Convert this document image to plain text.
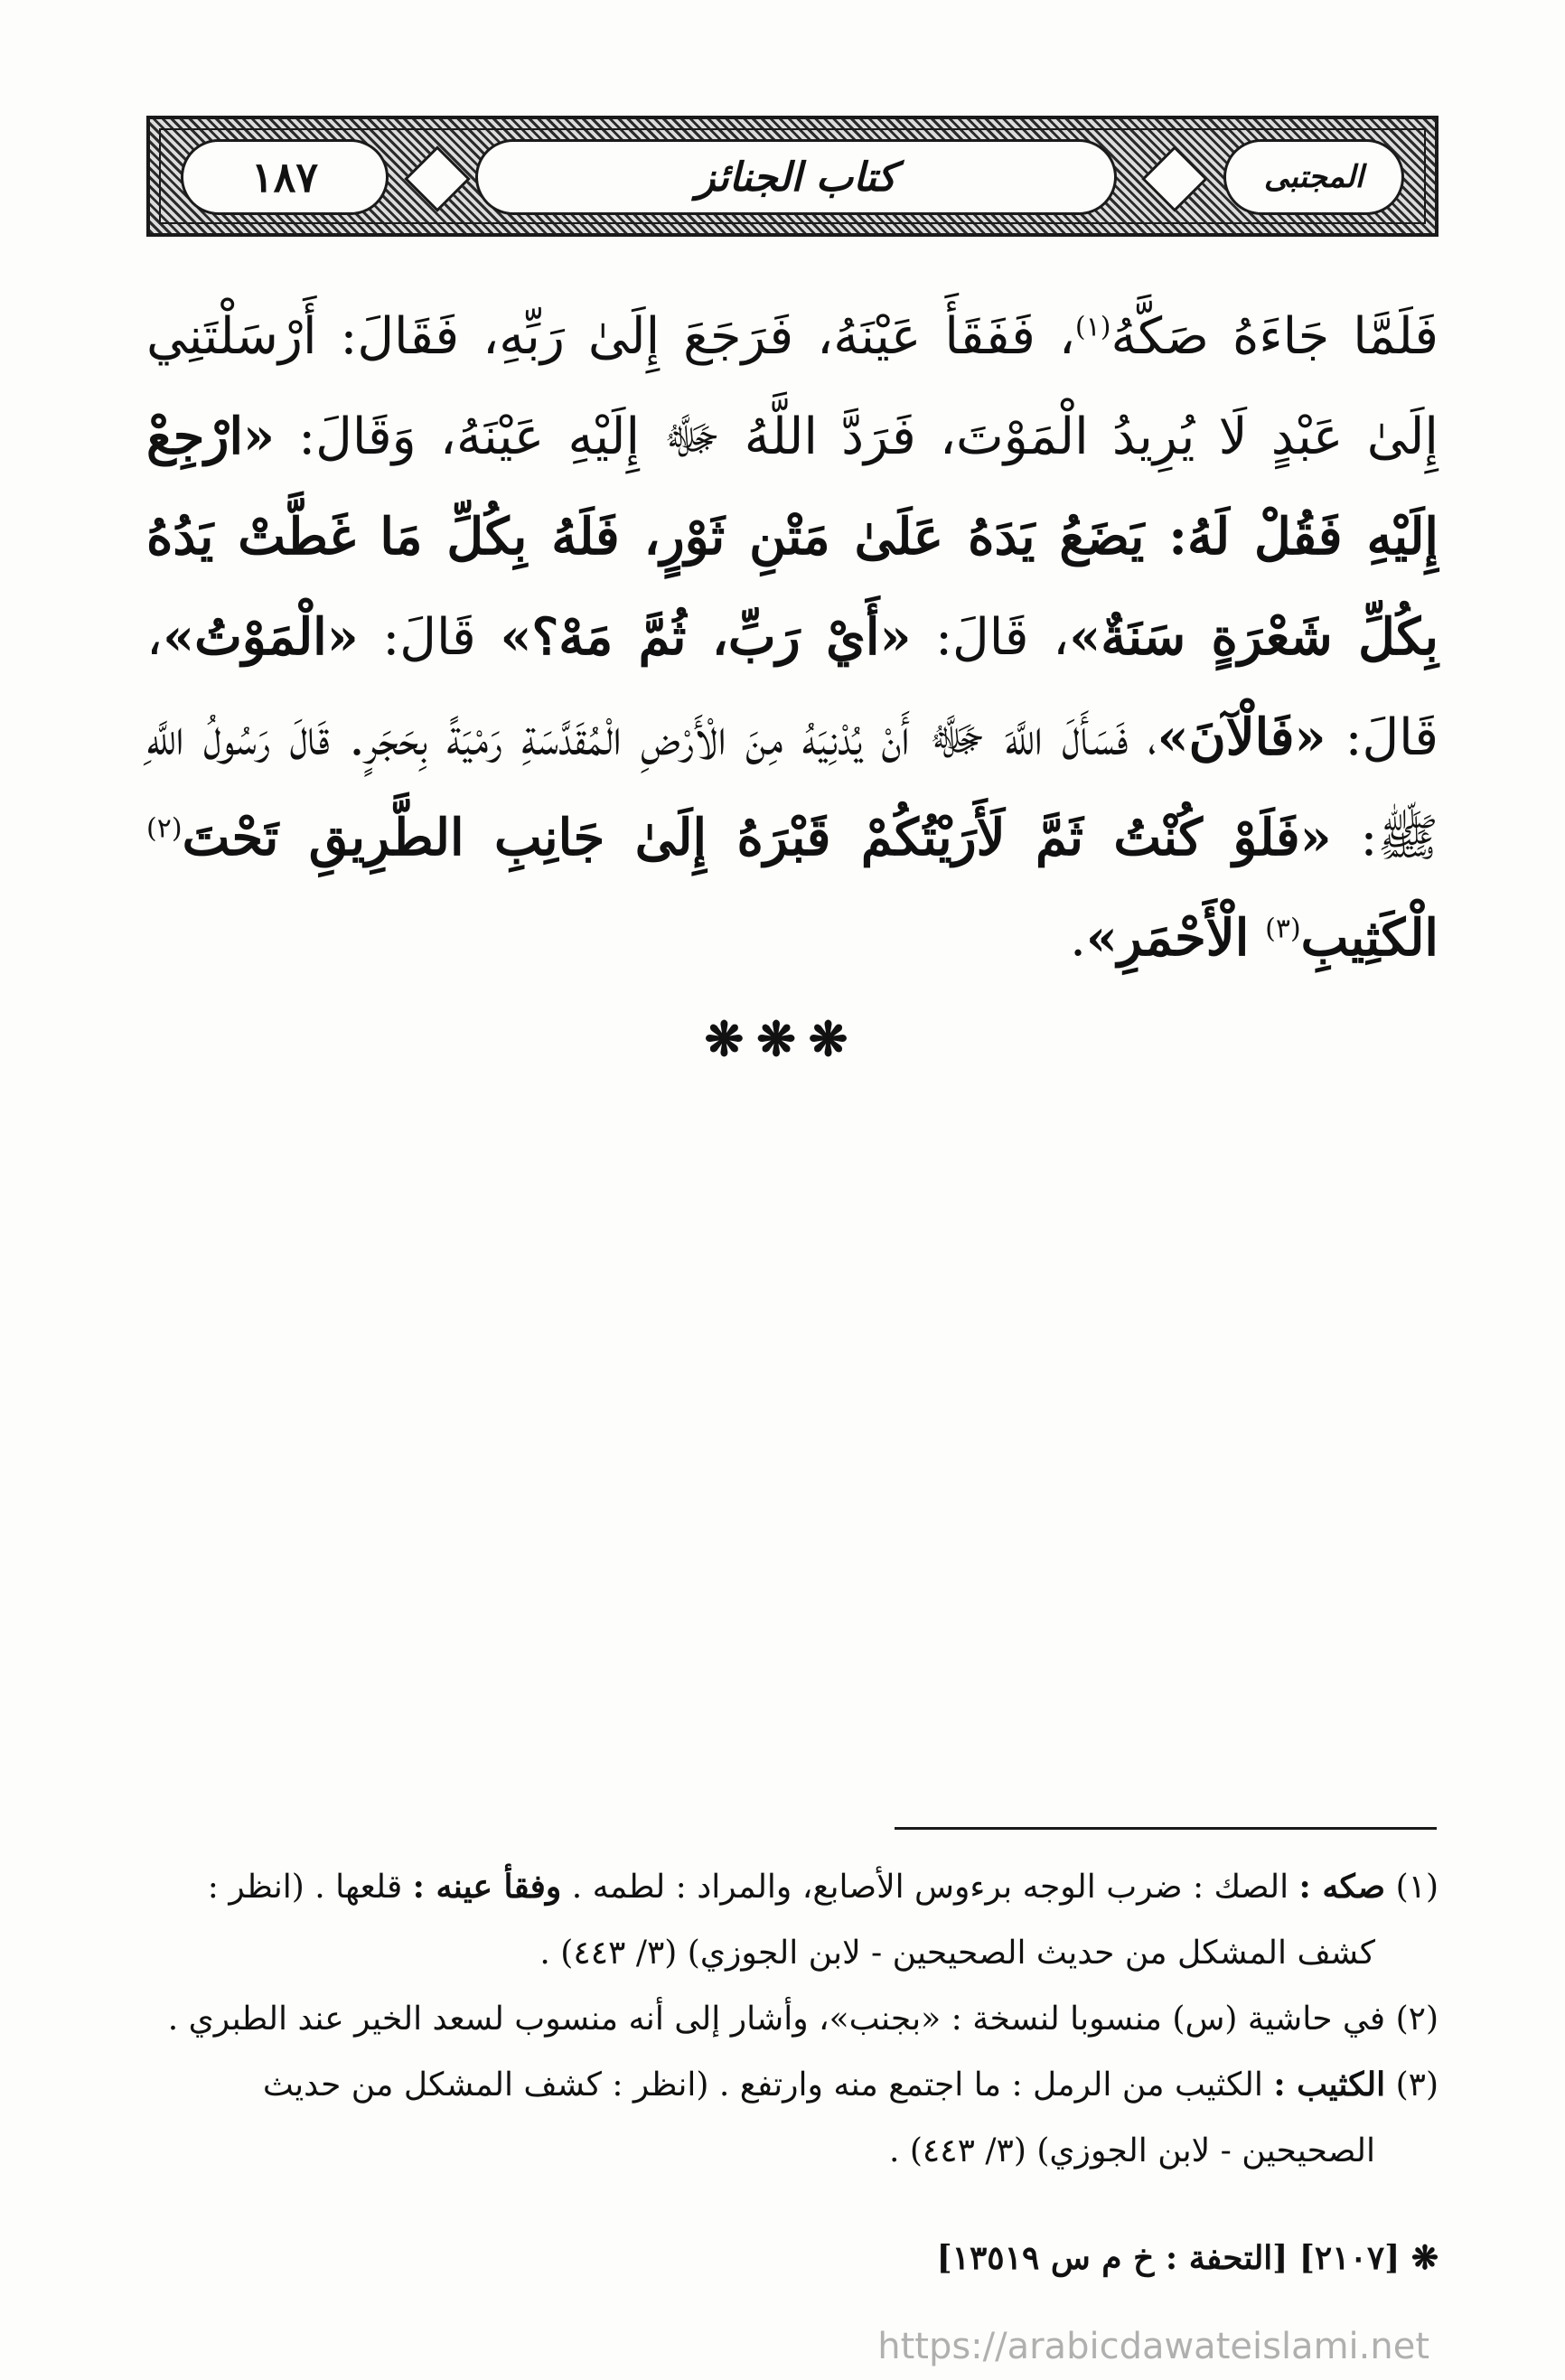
١٨٧	كتاب الجنائز	المجتبى
فَلَمَّا جَاءَهُ صَكَّهُ$^{(١)}$، فَفَقَأَ عَيْنَهُ، فَرَجَعَ إِلَىٰ رَبِّهِ، فَقَالَ: أَرْسَلْتَنِي إِلَىٰ عَبْدٍ لَا يُرِيدُ الْمَوْتَ، فَرَدَّ اللَّهُ ﷻ إِلَيْهِ عَيْنَهُ، وَقَالَ: «ارْجِعْ إِلَيْهِ فَقُلْ لَهُ: يَضَعُ يَدَهُ عَلَىٰ مَتْنِ ثَوْرٍ، فَلَهُ بِكُلِّ مَا غَطَّتْ يَدُهُ بِكُلِّ شَعْرَةٍ سَنَةٌ»، قَالَ: «أَيْ رَبِّ، ثُمَّ مَهْ؟» قَالَ: «الْمَوْتُ»، قَالَ: «فَالْآنَ»، فَسَأَلَ اللَّهَ ﷻ أَنْ يُدْنِيَهُ مِنَ الْأَرْضِ الْمُقَدَّسَةِ رَمْيَةً بِحَجَرٍ. قَالَ رَسُولُ اللَّهِ ﷺ: «فَلَوْ كُنْتُ ثَمَّ لَأَرَيْتُكُمْ قَبْرَهُ إِلَىٰ جَانِبِ الطَّرِيقِ تَحْتَ$^{(٢)}$ الْكَثِيبِ$^{(٣)}$ الْأَحْمَرِ».
❋❋❋

(١) صكه : الصك : ضرب الوجه برءوس الأصابع، والمراد : لطمه . وفقأ عينه : قلعها . (انظر :

كشف المشكل من حديث الصحيحين - لابن الجوزي) (٣/ ٤٤٣) .

(٢) في حاشية (س) منسوبا لنسخة : «بجنب»، وأشار إلى أنه منسوب لسعد الخير عند الطبري .

(٣) الكثيب : الكثيب من الرمل : ما اجتمع منه وارتفع . (انظر : كشف المشكل من حديث

الصحيحين - لابن الجوزي) (٣/ ٤٤٣) .

❋ [٢١٠٧] [التحفة : خ م س ١٣٥١٩]
https://arabicdawateislami.net
